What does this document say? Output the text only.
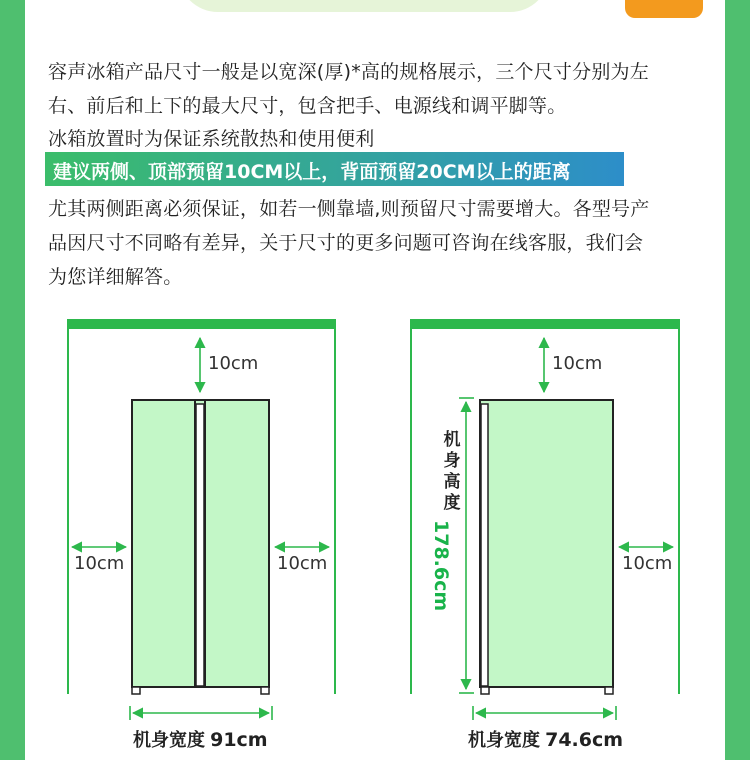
容声冰箱产品尺寸一般是以宽深(厚)*高的规格展示，三个尺寸分别为左
右、前后和上下的最大尺寸，包含把手、电源线和调平脚等。
冰箱放置时为保证系统散热和使用便利
建议两侧、顶部预留10CM以上，背面预留20CM以上的距离
尤其两侧距离必须保证，如若一侧靠墙,则预留尺寸需要增大。各型号产
品因尺寸不同略有差异，关于尺寸的更多问题可咨询在线客服，我们会
为您详细解答。
10cm
10cm	10cm
机身宽度 91cm
10cm
10cm
机
身
高
度
178.6cm
机身宽度 74.6cm
